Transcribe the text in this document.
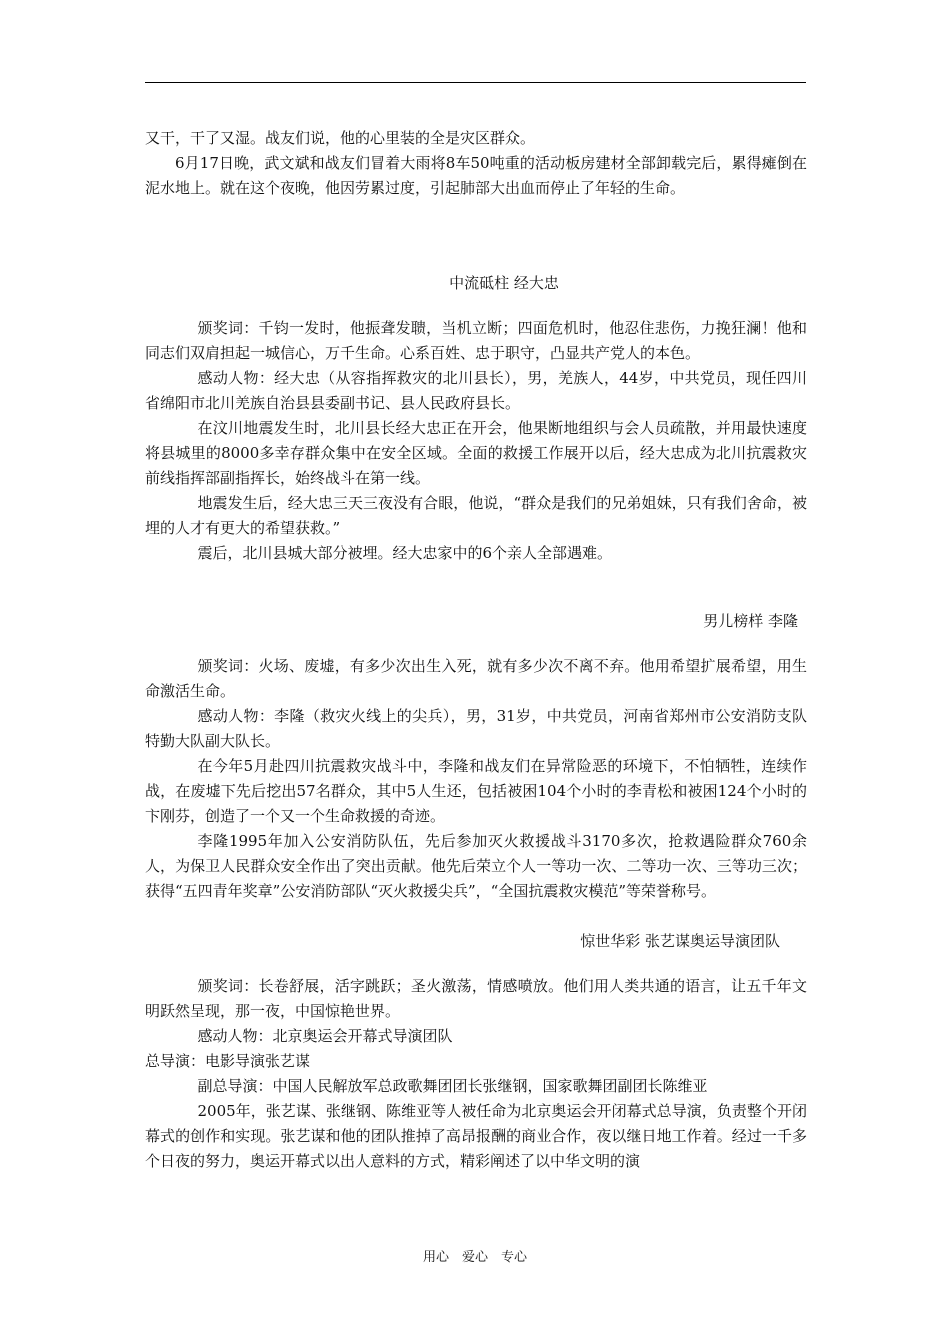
又干，干了又湿。战友们说，他的心里装的全是灾区群众。

6月17日晚，武文斌和战友们冒着大雨将8车50吨重的活动板房建材全部卸载完后，累得瘫倒在泥水地上。就在这个夜晚，他因劳累过度，引起肺部大出血而停止了年轻的生命。

中流砥柱 经大忠

颁奖词：千钧一发时，他振聋发聩，当机立断；四面危机时，他忍住悲伤，力挽狂澜！他和同志们双肩担起一城信心，万千生命。心系百姓、忠于职守，凸显共产党人的本色。

感动人物：经大忠（从容指挥救灾的北川县长），男，羌族人，44岁，中共党员，现任四川省绵阳市北川羌族自治县县委副书记、县人民政府县长。

在汶川地震发生时，北川县长经大忠正在开会，他果断地组织与会人员疏散，并用最快速度将县城里的8000多幸存群众集中在安全区域。全面的救援工作展开以后，经大忠成为北川抗震救灾前线指挥部副指挥长，始终战斗在第一线。

地震发生后，经大忠三天三夜没有合眼，他说，“群众是我们的兄弟姐妹，只有我们舍命，被埋的人才有更大的希望获救。”

震后，北川县城大部分被埋。经大忠家中的6个亲人全部遇难。

男儿榜样 李隆

颁奖词：火场、废墟，有多少次出生入死，就有多少次不离不弃。他用希望扩展希望，用生命激活生命。

感动人物：李隆（救灾火线上的尖兵），男，31岁，中共党员，河南省郑州市公安消防支队特勤大队副大队长。

在今年5月赴四川抗震救灾战斗中，李隆和战友们在异常险恶的环境下，不怕牺牲，连续作战，在废墟下先后挖出57名群众，其中5人生还，包括被困104个小时的李青松和被困124个小时的卞刚芬，创造了一个又一个生命救援的奇迹。

李隆1995年加入公安消防队伍，先后参加灭火救援战斗3170多次，抢救遇险群众760余人，为保卫人民群众安全作出了突出贡献。他先后荣立个人一等功一次、二等功一次、三等功三次；获得“五四青年奖章”公安消防部队“灭火救援尖兵”，“全国抗震救灾模范”等荣誉称号。

惊世华彩 张艺谋奥运导演团队

颁奖词：长卷舒展，活字跳跃；圣火激荡，情感喷放。他们用人类共通的语言，让五千年文明跃然呈现，那一夜，中国惊艳世界。

感动人物：北京奥运会开幕式导演团队

总导演：电影导演张艺谋

副总导演：中国人民解放军总政歌舞团团长张继钢，国家歌舞团副团长陈维亚

2005年，张艺谋、张继钢、陈维亚等人被任命为北京奥运会开闭幕式总导演，负责整个开闭幕式的创作和实现。张艺谋和他的团队推掉了高昂报酬的商业合作，夜以继日地工作着。经过一千多个日夜的努力，奥运开幕式以出人意料的方式，精彩阐述了以中华文明的演

用心　爱心　专心
